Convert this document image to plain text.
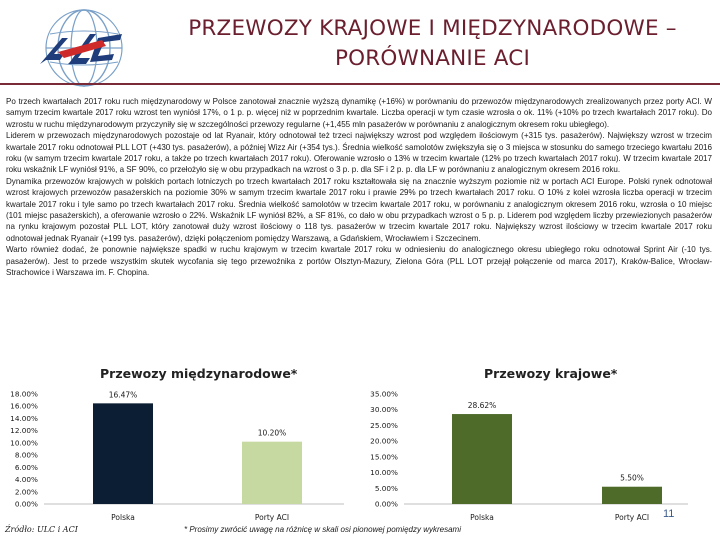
PRZEWOZY KRAJOWE I MIĘDZYNARODOWE – PORÓWNANIE ACI

Po trzech kwartałach 2017 roku ruch międzynarodowy w Polsce zanotował znacznie wyższą dynamikę (+16%) w porównaniu do przewozów międzynarodowych zrealizowanych przez porty ACI. W samym trzecim kwartale 2017 roku wzrost ten wyniósł 17%, o 1 p. p. więcej niż w poprzednim kwartale. Liczba operacji w tym czasie wzrosła o ok. 11% (+10% po trzech kwartałach 2017 roku). Do wzrostu w ruchu międzynarodowym przyczyniły się w szczególności przewozy regularne (+1,455 mln pasażerów w porównaniu z analogicznym okresem roku ubiegłego).

Liderem w przewozach międzynarodowych pozostaje od lat Ryanair, który odnotował też trzeci największy wzrost pod względem ilościowym (+315 tys. pasażerów). Największy wzrost w trzecim kwartale 2017 roku odnotował PLL LOT (+430 tys. pasażerów), a później Wizz Air (+354 tys.). Średnia wielkość samolotów zwiększyła się o 3 miejsca w stosunku do samego trzeciego kwartału 2016 roku (w samym trzecim kwartale 2017 roku, a także po trzech kwartałach 2017 roku). Oferowanie wzrosło o 13% w trzecim kwartale (12% po trzech kwartałach 2017 roku). W trzecim kwartale 2017 roku wskaźnik LF wyniósł 91%, a SF 90%, co przełożyło się w obu przypadkach na wzrost o 3 p. p. dla SF i 2 p. p. dla LF w porównaniu z analogicznym okresem 2016 roku.

Dynamika przewozów krajowych w polskich portach lotniczych po trzech kwartałach 2017 roku kształtowała się na znacznie wyższym poziomie niż w portach ACI Europe. Polski rynek odnotował wzrost krajowych przewozów pasażerskich na poziomie 30% w samym trzecim kwartale 2017 roku i prawie 29% po trzech kwartałach 2017 roku. O 10% z kolei wzrosła liczba operacji w trzecim kwartale 2017 roku i tyle samo po trzech kwartałach 2017 roku. Średnia wielkość samolotów w trzecim kwartale 2017 roku, w porównaniu z analogicznym okresem 2016 roku, wzrosła o 10 miejsc (101 miejsc pasażerskich), a oferowanie wzrosło o 22%. Wskaźnik LF wyniósł 82%, a SF 81%, co dało w obu przypadkach wzrost o 5 p. p. Liderem pod względem liczby przewiezionych pasażerów na rynku krajowym pozostał PLL LOT, który zanotował duży wzrost ilościowy o 118 tys. pasażerów w trzecim kwartale 2017 roku. Największy wzrost ilościowy w trzecim kwartale 2017 roku odnotował jednak Ryanair (+199 tys. pasażerów), dzięki połączeniom pomiędzy Warszawą, a Gdańskiem, Wrocławiem i Szczecinem.

Warto również dodać, że ponownie największe spadki w ruchu krajowym w trzecim kwartale 2017 roku w odniesieniu do analogicznego okresu ubiegłego roku odnotował Sprint Air (-10 tys. pasażerów). Jest to przede wszystkim skutek wycofania się tego przewoźnika z portów Olsztyn-Mazury, Zielona Góra (PLL LOT przejął połączenie od marca 2017), Kraków-Balice, Wrocław-Strachowice i Warszawa im. F. Chopina.

Przewozy międzynarodowe*	Przewozy krajowe*
0.00%
2.00%
4.00%
6.00%
8.00%
10.00%
12.00%
14.00%
16.00%
18.00%	16.47%
Polska
10.20%
Porty ACI
0.00%
5.00%
10.00%
15.00%
20.00%
25.00%
30.00%
35.00%
28.62%
Polska
5.50%
Porty ACI
Źródło: ULC i ACI	* Prosimy zwrócić uwagę na różnicę w skali osi pionowej pomiędzy wykresami
11
